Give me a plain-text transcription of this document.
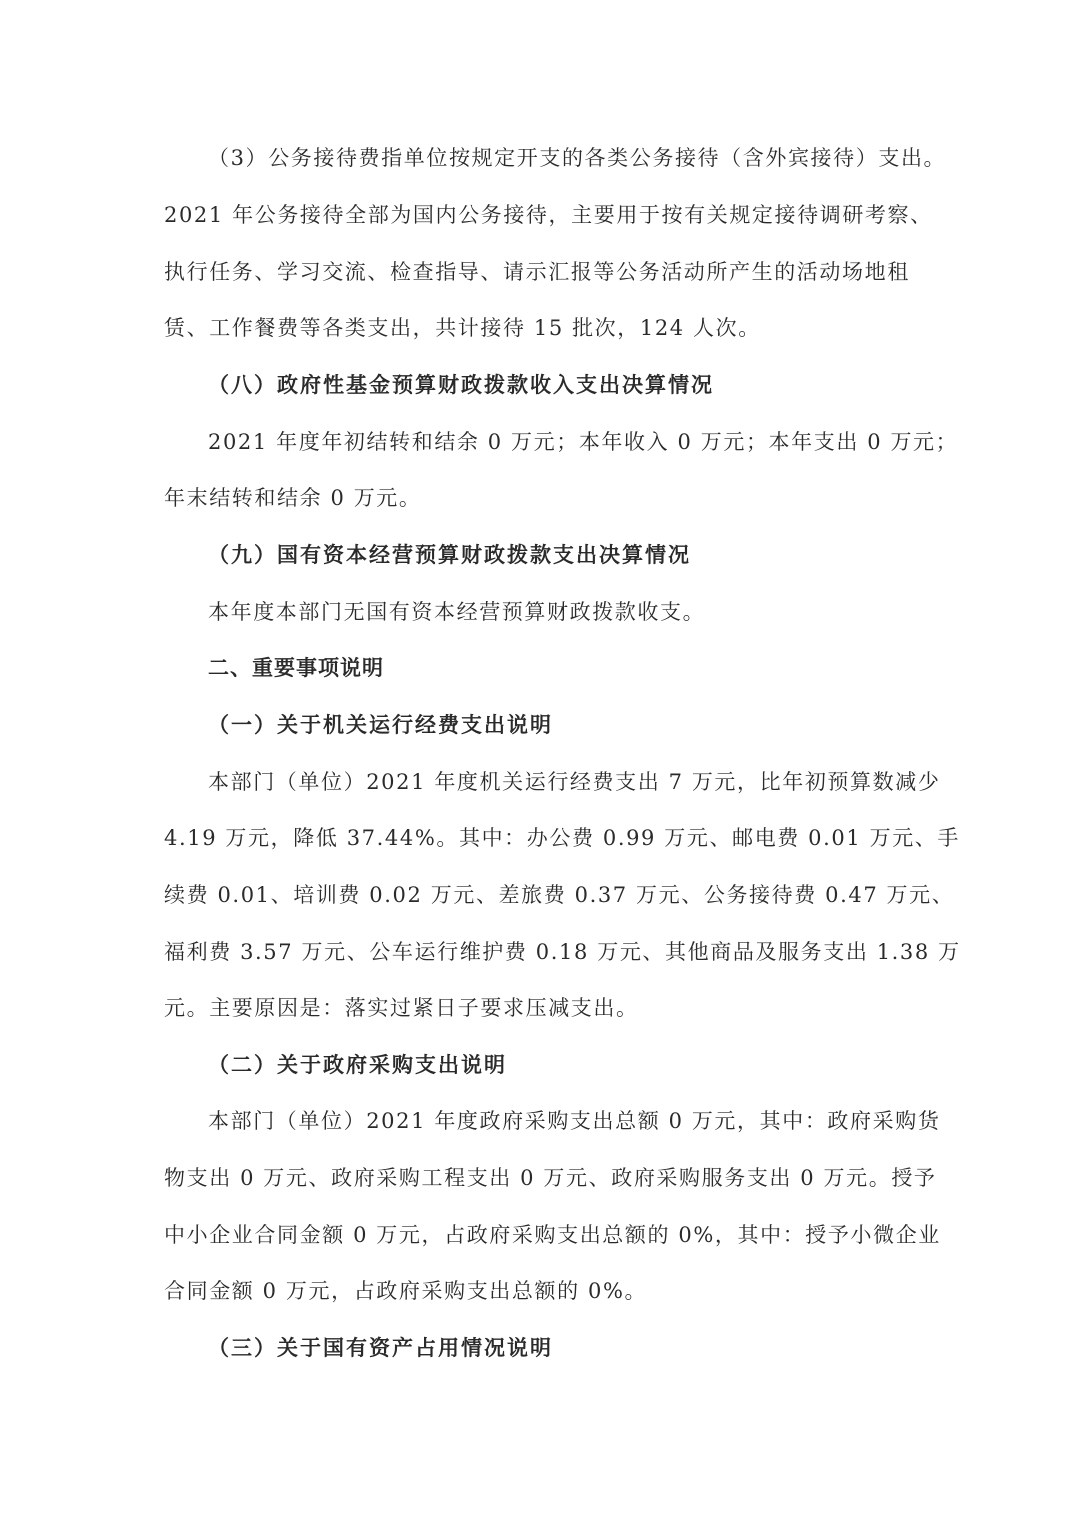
（3）公务接待费指单位按规定开支的各类公务接待（含外宾接待）支出。
2021 年公务接待全部为国内公务接待，主要用于按有关规定接待调研考察、
执行任务、学习交流、检查指导、请示汇报等公务活动所产生的活动场地租
赁、工作餐费等各类支出，共计接待 15 批次，124 人次。
（八）政府性基金预算财政拨款收入支出决算情况
2021 年度年初结转和结余 0 万元；本年收入 0 万元；本年支出 0 万元；
年末结转和结余 0 万元。
（九）国有资本经营预算财政拨款支出决算情况
本年度本部门无国有资本经营预算财政拨款收支。
二、重要事项说明
（一）关于机关运行经费支出说明
本部门（单位）2021 年度机关运行经费支出 7 万元，比年初预算数减少
4.19 万元，降低 37.44%。其中：办公费 0.99 万元、邮电费 0.01 万元、手
续费 0.01、培训费 0.02 万元、差旅费 0.37 万元、公务接待费 0.47 万元、
福利费 3.57 万元、公车运行维护费 0.18 万元、其他商品及服务支出 1.38 万
元。主要原因是：落实过紧日子要求压减支出。
（二）关于政府采购支出说明
本部门（单位）2021 年度政府采购支出总额 0 万元，其中：政府采购货
物支出 0 万元、政府采购工程支出 0 万元、政府采购服务支出 0 万元。授予
中小企业合同金额 0 万元，占政府采购支出总额的 0%，其中：授予小微企业
合同金额 0 万元，占政府采购支出总额的 0%。
（三）关于国有资产占用情况说明
